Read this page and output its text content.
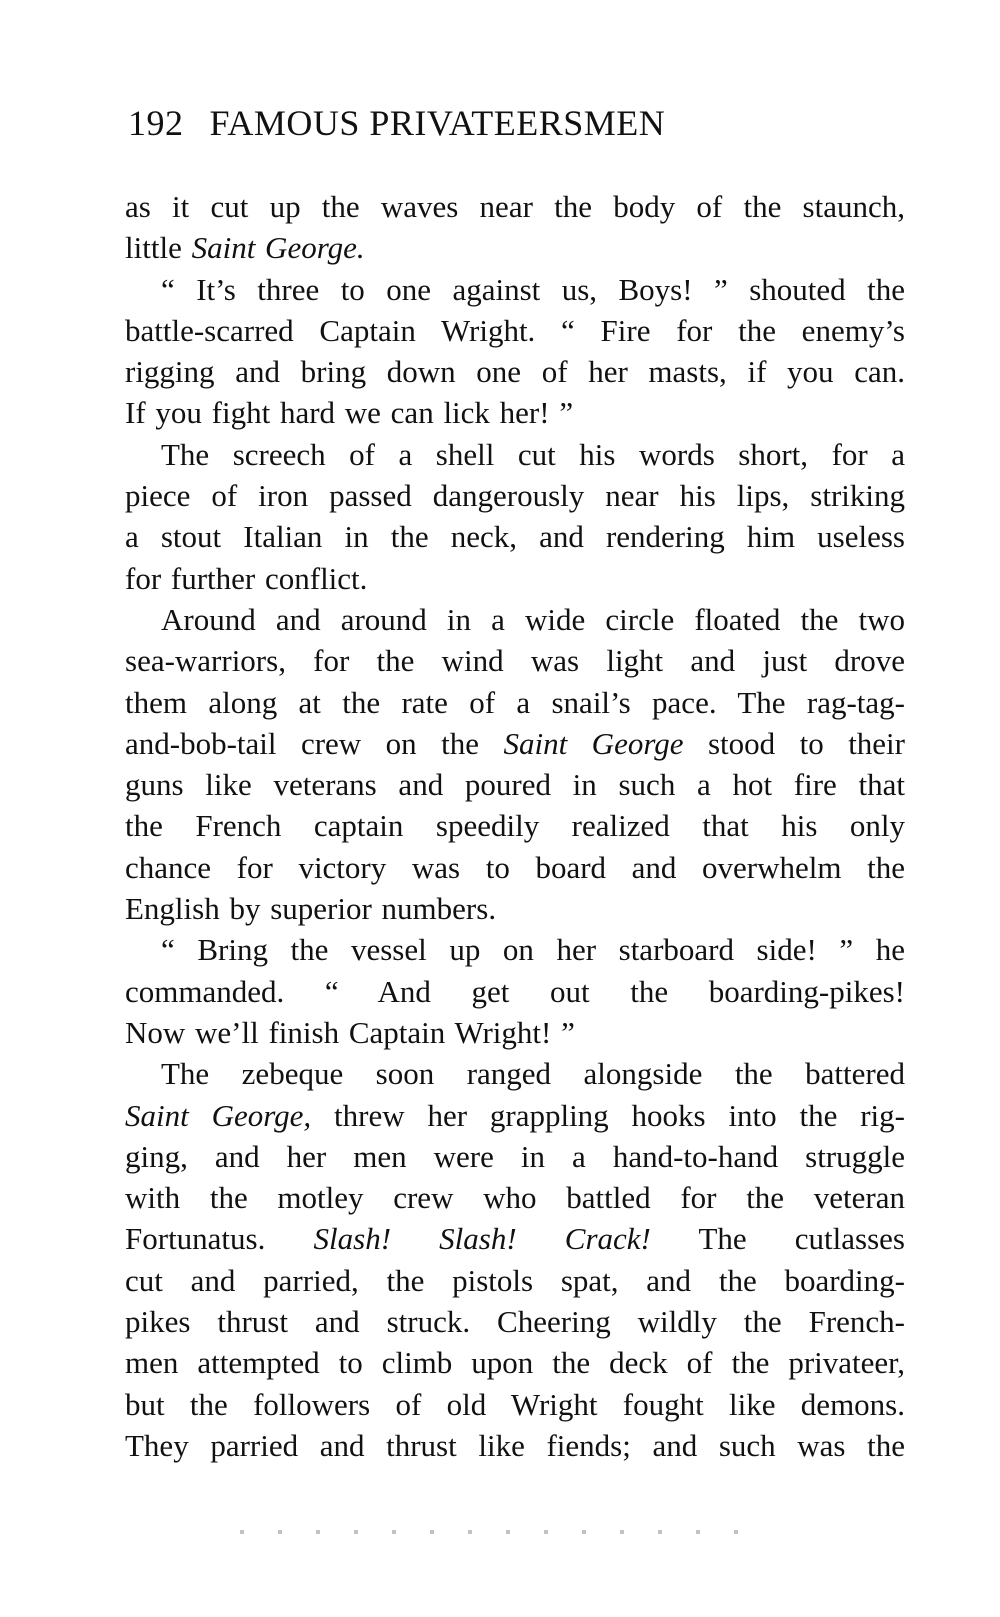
192 FAMOUS PRIVATEERSMEN
as it cut up the waves near the body of the staunch,
little Saint George.
“ It’s three to one against us, Boys! ” shouted the
battle-scarred Captain Wright. “ Fire for the enemy’s
rigging and bring down one of her masts, if you can.
If you fight hard we can lick her! ”
The screech of a shell cut his words short, for a
piece of iron passed dangerously near his lips, striking
a stout Italian in the neck, and rendering him useless
for further conflict.
Around and around in a wide circle floated the two
sea-warriors, for the wind was light and just drove
them along at the rate of a snail’s pace. The rag-tag-
and-bob-tail crew on the Saint George stood to their
guns like veterans and poured in such a hot fire that
the French captain speedily realized that his only
chance for victory was to board and overwhelm the
English by superior numbers.
“ Bring the vessel up on her starboard side! ” he
commanded. “ And get out the boarding-pikes!
Now we’ll finish Captain Wright! ”
The zebeque soon ranged alongside the battered
Saint George, threw her grappling hooks into the rig-
ging, and her men were in a hand-to-hand struggle
with the motley crew who battled for the veteran
Fortunatus. Slash! Slash! Crack! The cutlasses
cut and parried, the pistols spat, and the boarding-
pikes thrust and struck. Cheering wildly the French-
men attempted to climb upon the deck of the privateer,
but the followers of old Wright fought like demons.
They parried and thrust like fiends; and such was the
